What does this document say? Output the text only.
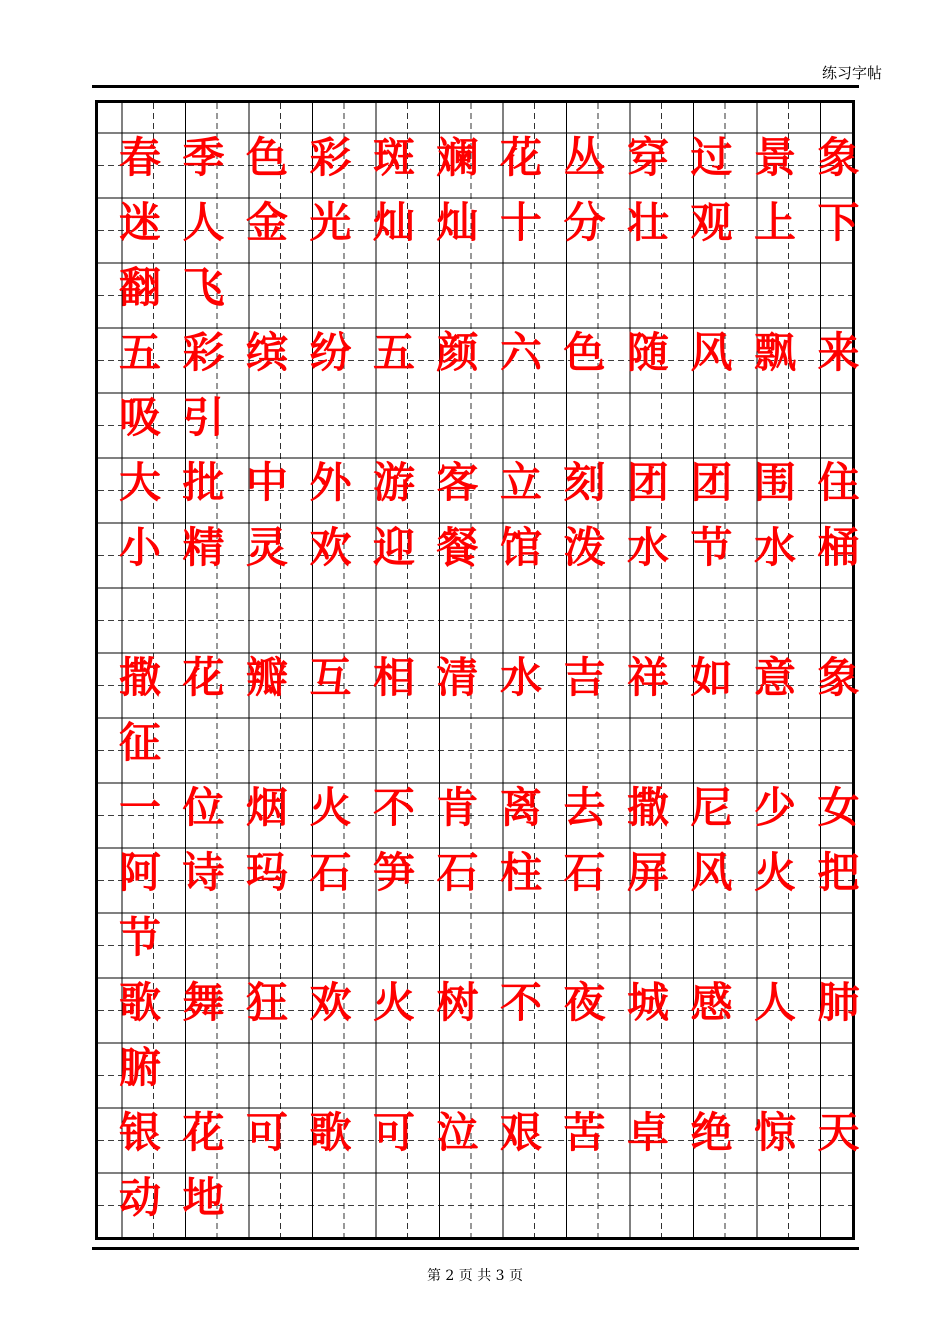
练习字帖
春 季 色 彩 斑 斓 花 丛 穿 过 景 象
迷 人 金 光 灿 灿 十 分 壮 观 上 下
翻 飞
五 彩 缤 纷 五 颜 六 色 随 风 飘 来
吸 引
大 批 中 外 游 客 立 刻 团 团 围 住
小 精 灵 欢 迎 餐 馆 泼 水 节 水 桶
撒 花 瓣 互 相 清 水 吉 祥 如 意 象
征
一 位 烟 火 不 肯 离 去 撒 尼 少 女
阿 诗 玛 石 笋 石 柱 石 屏 风 火 把
节
歌 舞 狂 欢 火 树 不 夜 城 感 人 肺
腑
银 花 可 歌 可 泣 艰 苦 卓 绝 惊 天
动 地
第 2 页 共 3 页
